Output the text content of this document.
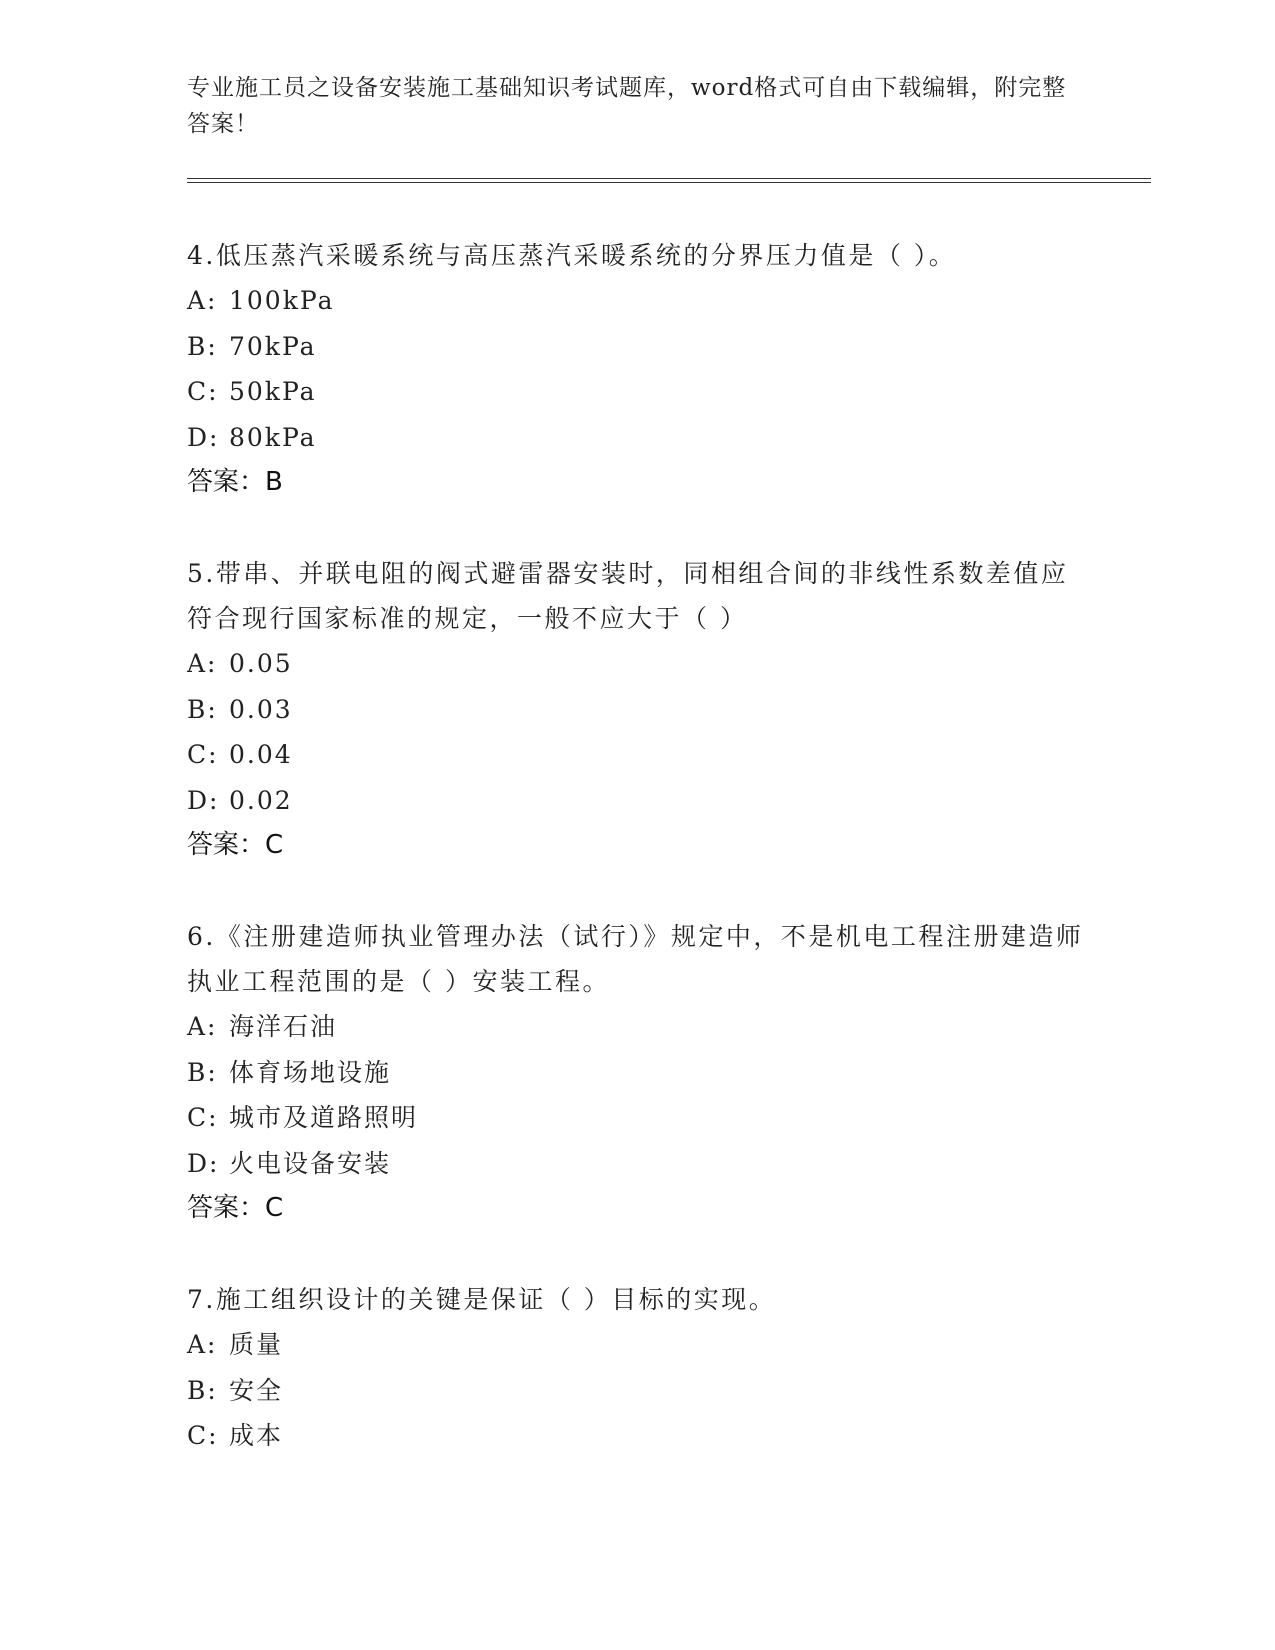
专业施工员之设备安装施工基础知识考试题库，word格式可自由下载编辑，附完整答案！
4.低压蒸汽采暖系统与高压蒸汽采暖系统的分界压力值是（ ）。
A: 100kPa
B: 70kPa
C: 50kPa
D: 80kPa
答案：B
5.带串、并联电阻的阀式避雷器安装时，同相组合间的非线性系数差值应符合现行国家标准的规定，一般不应大于（ ）
A: 0.05
B: 0.03
C: 0.04
D: 0.02
答案：C
6.《注册建造师执业管理办法（试行）》规定中，不是机电工程注册建造师执业工程范围的是（ ）安装工程。
A: 海洋石油
B: 体育场地设施
C: 城市及道路照明
D: 火电设备安装
答案：C
7.施工组织设计的关键是保证（ ）目标的实现。
A: 质量
B: 安全
C: 成本
